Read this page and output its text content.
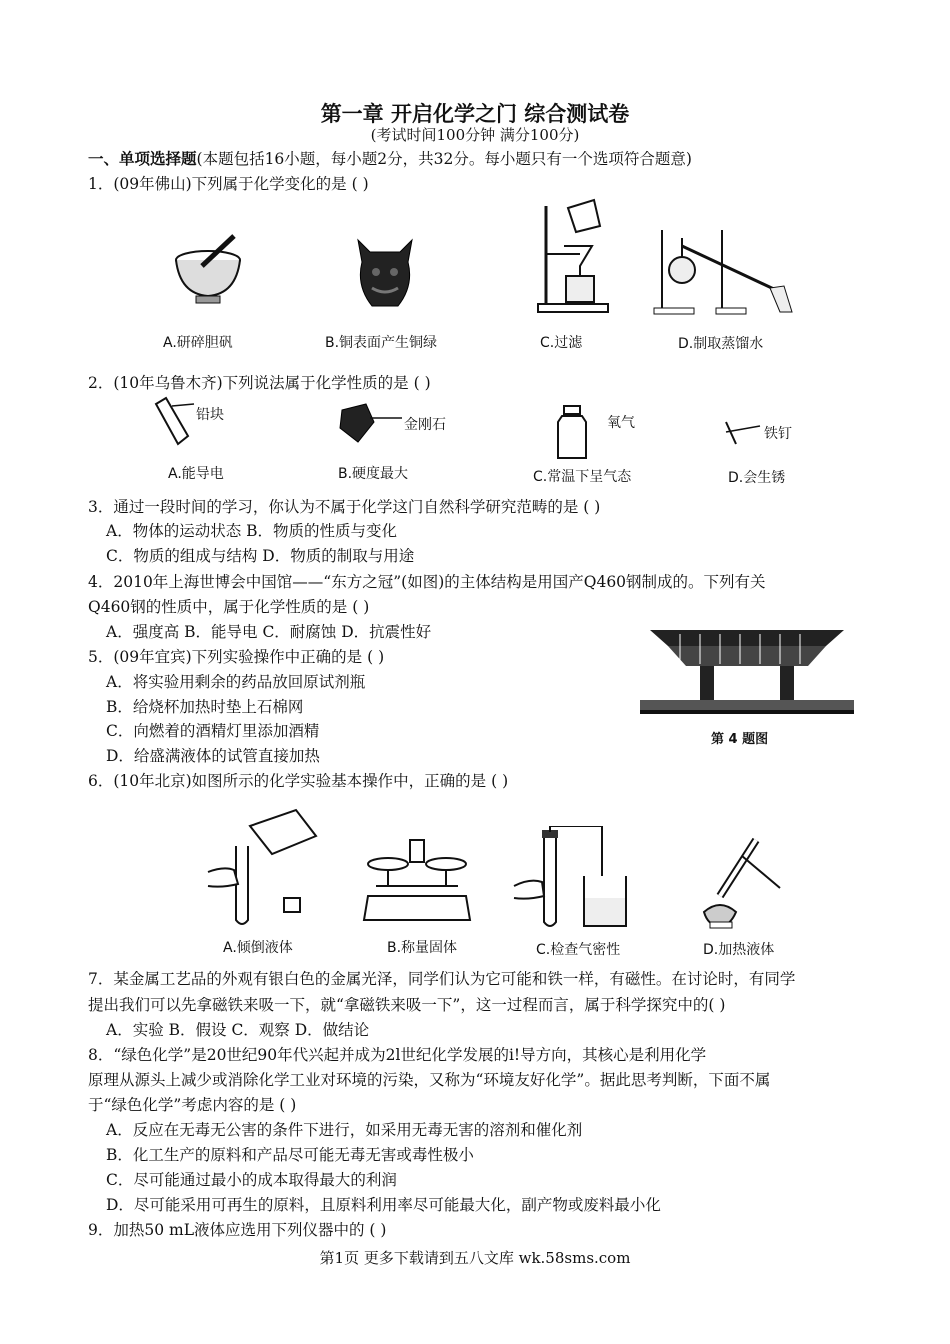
第一章 开启化学之门 综合测试卷
(考试时间100分钟 满分100分)
一、单项选择题(本题包括16小题，每小题2分，共32分。每小题只有一个选项符合题意)
1．(09年佛山)下列属于化学变化的是 ( )
A.研碎胆矾	B.铜表面产生铜绿	C.过滤	D.制取蒸馏水
2．(10年乌鲁木齐)下列说法属于化学性质的是 ( )
铅块
金刚石	氧气
铁钉
A.能导电	B.硬度最大	C.常温下呈气态	D.会生锈
3．通过一段时间的学习，你认为不属于化学这门自然科学研究范畴的是 ( )
A．物体的运动状态 B．物质的性质与变化
C．物质的组成与结构 D．物质的制取与用途
4．2010年上海世博会中国馆——“东方之冠”(如图)的主体结构是用国产Q460钢制成的。下列有关
Q460钢的性质中，属于化学性质的是 ( )
A．强度高 B．能导电 C．耐腐蚀 D．抗震性好
第 4 题图
5．(09年宜宾)下列实验操作中正确的是 ( )
A．将实验用剩余的药品放回原试剂瓶
B．给烧杯加热时垫上石棉网
C．向燃着的酒精灯里添加酒精
D．给盛满液体的试管直接加热
6．(10年北京)如图所示的化学实验基本操作中，正确的是 ( )
A.倾倒液体	B.称量固体	C.检查气密性	D.加热液体
7．某金属工艺品的外观有银白色的金属光泽，同学们认为它可能和铁一样，有磁性。在讨论时，有同学
提出我们可以先拿磁铁来吸一下，就“拿磁铁来吸一下”，这一过程而言，属于科学探究中的( )
A．实验 B．假设 C．观察 D．做结论
8．“绿色化学”是20世纪90年代兴起并成为2l世纪化学发展的i!导方向，其核心是利用化学
原理从源头上减少或消除化学工业对环境的污染，又称为“环境友好化学”。据此思考判断，下面不属
于“绿色化学”考虑内容的是 ( )
A．反应在无毒无公害的条件下进行，如采用无毒无害的溶剂和催化剂
B．化工生产的原料和产品尽可能无毒无害或毒性极小
C．尽可能通过最小的成本取得最大的利润
D．尽可能采用可再生的原料，且原料利用率尽可能最大化，副产物或废料最小化
9．加热50 mL液体应选用下列仪器中的 ( )
第1页 更多下载请到五八文库 wk.58sms.com
